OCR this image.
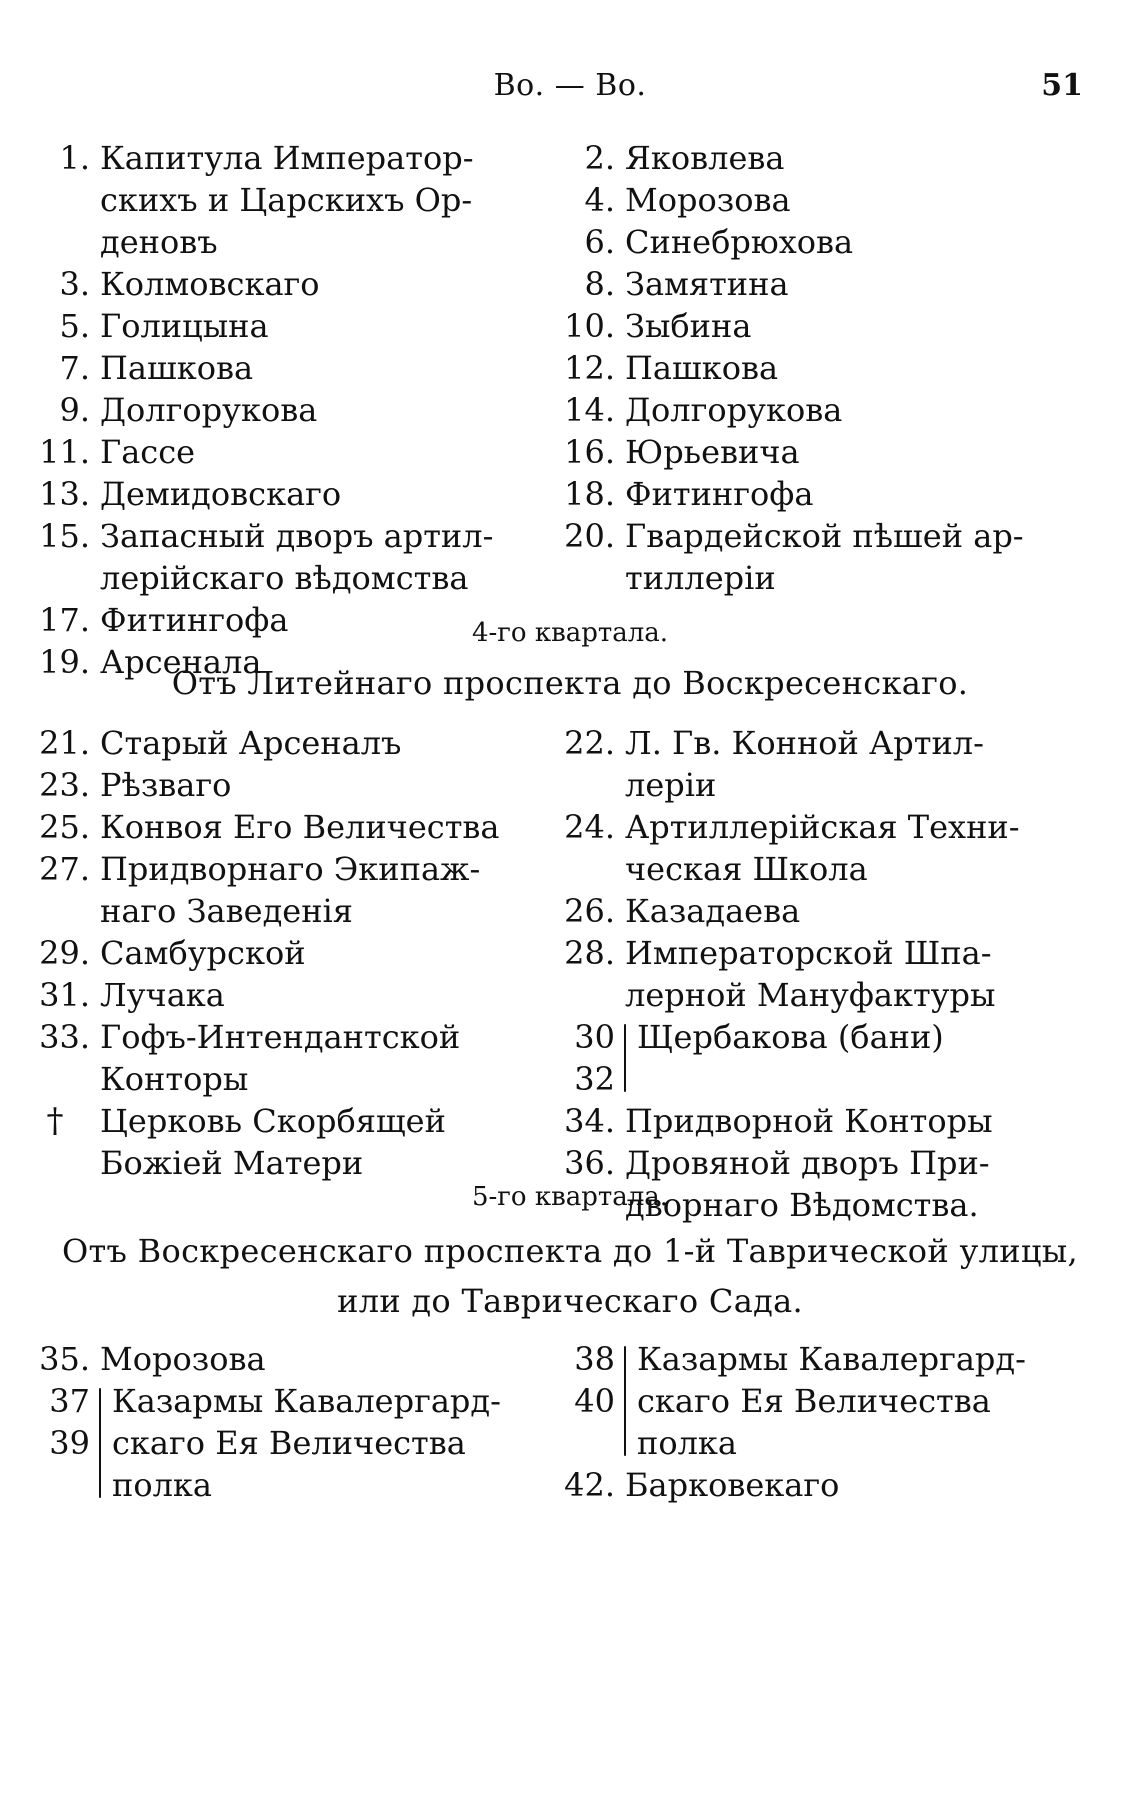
Во. — Во.	51
1. Капитула Император-
скихъ и Царскихъ Ор-
деновъ
3. Колмовскаго
5. Голицына
7. Пашкова
9. Долгорукова
11. Гассе
13. Демидовскаго
15. Запасный дворъ артил-
лерійскаго вѣдомства
17. Фитингофа
19. Арсенала
2. Яковлева
4. Морозова
6. Синебрюхова
8. Замятина
10. Зыбина
12. Пашкова
14. Долгорукова
16. Юрьевича
18. Фитингофа
20. Гвардейской пѣшей ар-
тиллеріи
4-го квартала.
Отъ Литейнаго проспекта до Воскресенскаго.
21. Старый Арсеналъ
23. Рѣзваго
25. Конвоя Его Величества
27. Придворнаго Экипаж-
наго Заведенія
29. Самбурской
31. Лучака
33. Гофъ-Интендантской
Конторы
†	Церковь Скорбящей
Божіей Матери
22. Л. Гв. Конной Артил-
леріи
24. Артиллерійская Техни-
ческая Школа
26. Казадаева
28. Императорской Шпа-
лерной Мануфактуры
30
32
Щербакова (бани)
34. Придворной Конторы
36. Дровяной дворъ При-
дворнаго Вѣдомства.
5-го квартала.
Отъ Воскресенскаго проспекта до 1-й Таврической улицы,
или до Таврическаго Сада.
35. Морозова
37
39
Казармы Кавалергард-
скаго Ея Величества
полка
38
40
Казармы Кавалергард-
скаго Ея Величества
полка
42. Барковекаго
